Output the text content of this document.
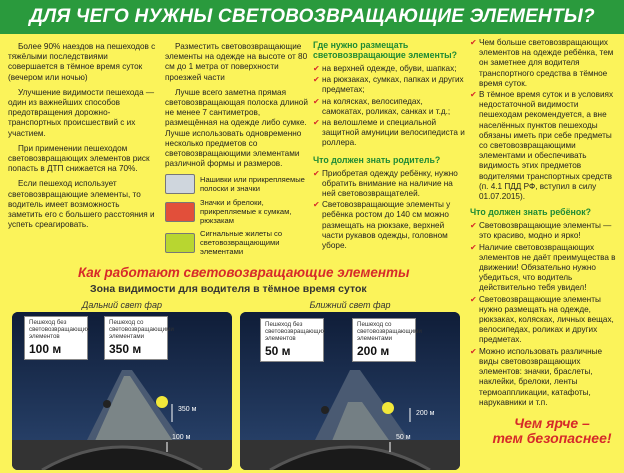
ДЛЯ ЧЕГО НУЖНЫ СВЕТОВОЗВРАЩАЮЩИЕ ЭЛЕМЕНТЫ?

Более 90% наездов на пешеходов с тяжёлыми последствиями совершается в тёмное время суток (вечером или ночью)

Улучшение видимости пешехода — один из важнейших способов предотвращения дорожно-транспортных происшествий с их участием.

При применении пешеходом световозвращающих элементов риск попасть в ДТП снижается на 70%.

Если пешеход использует световозвращающие элементы, то водитель имеет возможность заметить его с большего расстояния и успеть среагировать.

Разместить световозвращающие элементы на одежде на высоте от 80 см до 1 метра от поверхности проезжей части

Лучше всего заметна прямая световозвращающая полоска длиной не менее 7 сантиметров, размещённая на одежде либо сумке. Лучше использовать одновременно несколько предметов со световозвращающими элементами различной формы и размеров.

Нашивки или прикрепляемые полоски и значки
Значки и брелоки, прикрепляемые к сумкам, рюкзакам
Сигнальные жилеты со световозвращающими элементами
Где нужно размещать световозвращающие элементы?
✔ на верхней одежде, обуви, шапках;
✔ на рюкзаках, сумках, папках и других предметах;
✔ на колясках, велосипедах, самокатах, роликах, санках и т.д.;
✔ на велошлеме и специальной защитной амуниции велосипедиста и роллера.
Что должен знать родитель?
✔ Приобретая одежду ребёнку, нужно обратить внимание на наличие на ней световозвращателей.
✔ Световозвращающие элементы у ребёнка ростом до 140 см можно размещать на рюкзаке, верхней части рукавов одежды, головном уборе.
✔ Чем больше световозвращающих элементов на одежде ребёнка, тем он заметнее для водителя транспортного средства в тёмное время суток.
✔ В тёмное время суток и в условиях недостаточной видимости пешеходам рекомендуется, а вне населённых пунктов пешеходы обязаны иметь при себе предметы со световозвращающими элементами и обеспечивать видимость этих предметов водителями транспортных средств (п. 4.1 ПДД РФ, вступил в силу 01.07.2015).
Что должен знать ребёнок?
✔ Световозвращающие элементы — это красиво, модно и ярко!
✔ Наличие световозвращающих элементов не даёт преимущества в движении! Обязательно нужно убедиться, что водитель действительно тебя увидел!
✔ Световозвращающие элементы нужно размещать на одежде, рюкзаках, колясках, личных вещах, велосипедах, роликах и других предметах.
✔ Можно использовать различные виды световозвращающих элементов: значки, браслеты, наклейки, брелоки, ленты термоаппликации, катафоты, нарукавники и т.п.
Чем ярче –
тем безопаснее!
Как работают световозвращающие элементы
Зона видимости для водителя в тёмное время суток
Дальний свет фар
Пешеход без световозвращающих элементов
100 м
Пешеход со световозвращающими элементами
350 м
350 м
100 м
Ближний свет фар
Пешеход без световозвращающих элементов
50 м
Пешеход со световозвращающими элементами
200 м
200 м
50 м
